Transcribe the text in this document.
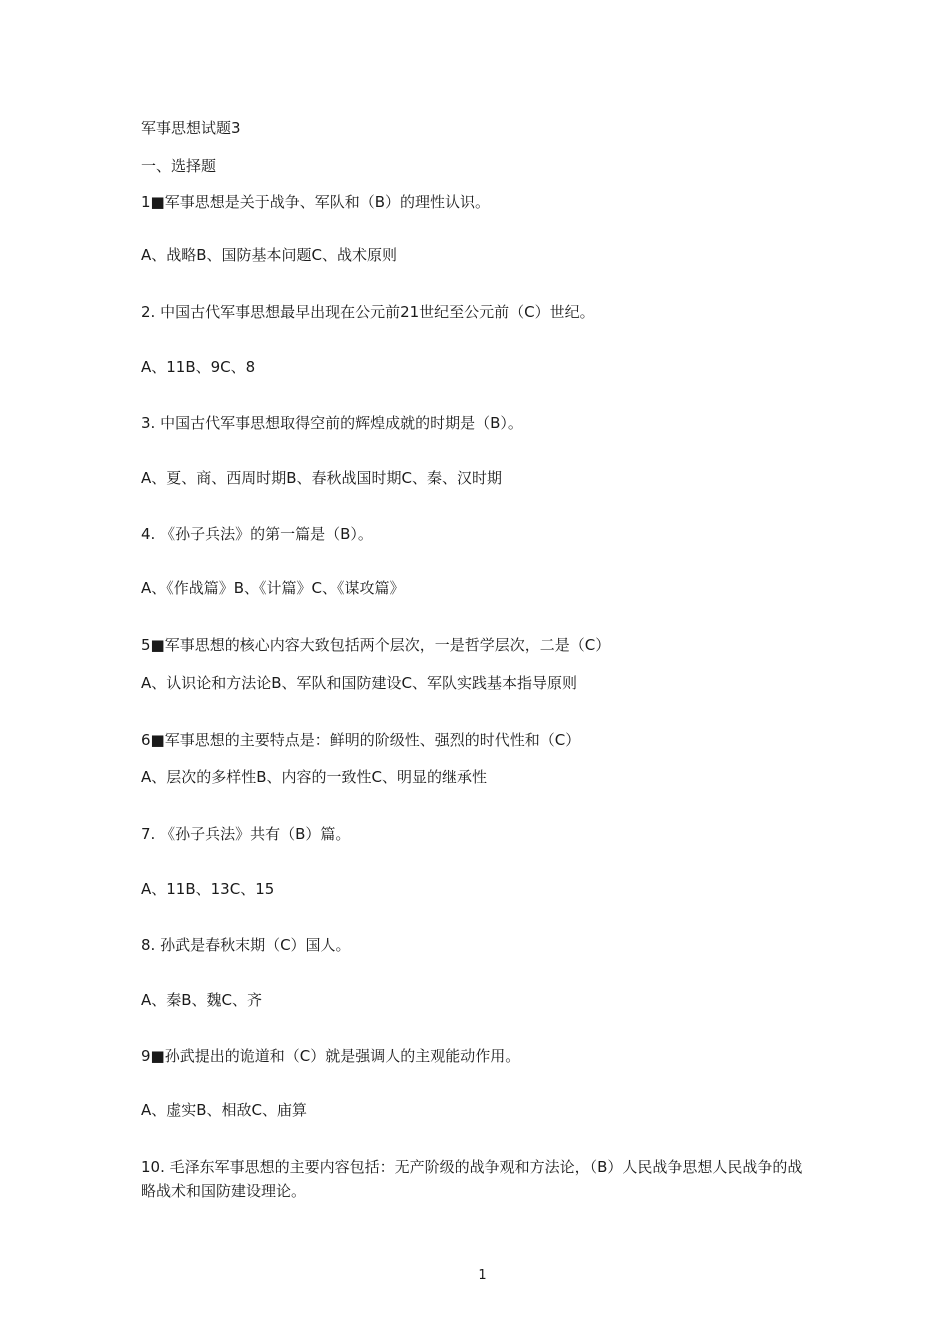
军事思想试题3
一、选择题
1■军事思想是关于战争、军队和（B）的理性认识。
A、战略B、国防基本问题C、战术原则
2. 中国古代军事思想最早出现在公元前21世纪至公元前（C）世纪。
A、11B、9C、8
3. 中国古代军事思想取得空前的辉煌成就的时期是（B）。
A、夏、商、西周时期B、春秋战国时期C、秦、汉时期
4. 《孙子兵法》的第一篇是（B）。
A、《作战篇》B、《计篇》C、《谋攻篇》
5■军事思想的核心内容大致包括两个层次，一是哲学层次，二是（C）
A、认识论和方法论B、军队和国防建设C、军队实践基本指导原则
6■军事思想的主要特点是：鲜明的阶级性、强烈的时代性和（C）
A、层次的多样性B、内容的一致性C、明显的继承性
7. 《孙子兵法》共有（B）篇。
A、11B、13C、15
8. 孙武是春秋末期（C）国人。
A、秦B、魏C、齐
9■孙武提出的诡道和（C）就是强调人的主观能动作用。
A、虚实B、相敌C、庙算
10. 毛泽东军事思想的主要内容包括：无产阶级的战争观和方法论，（B）人民战争思想人民战争的战略战术和国防建设理论。
1
